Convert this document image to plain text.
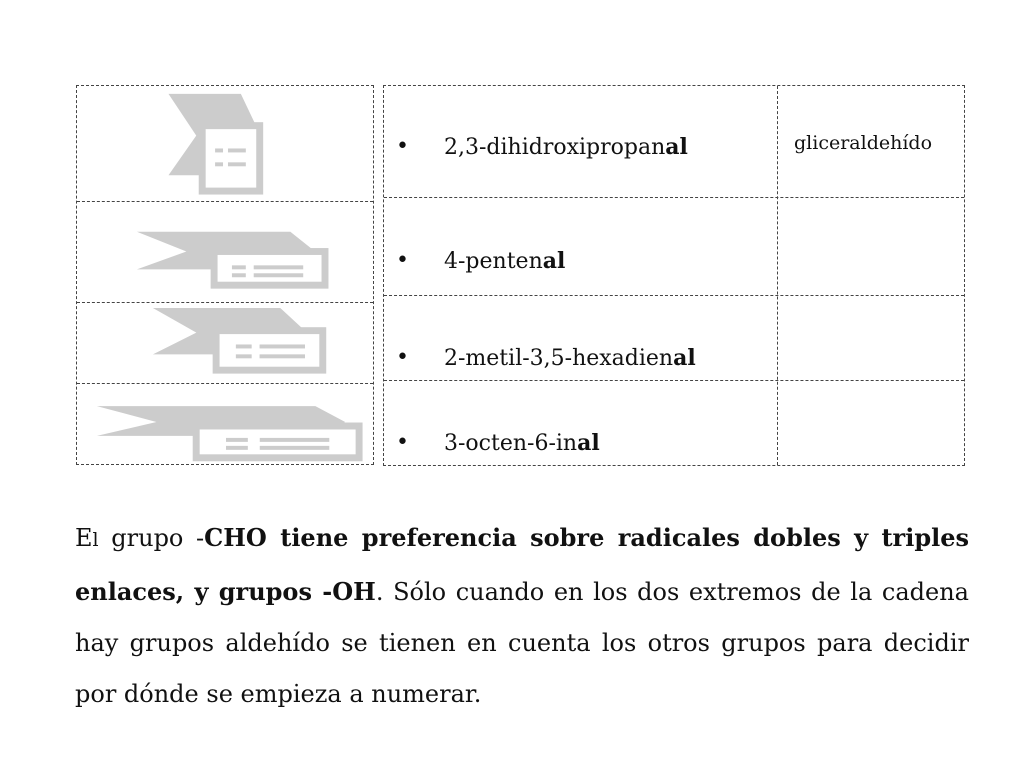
• 2,3-dihidroxipropanal	gliceraldehído
• 4-pentenal
• 2-metil-3,5-hexadienal
• 3-octen-6-inal

El grupo -CHO tiene preferencia sobre radicales dobles y triples enlaces, y grupos -OH. Sólo cuando en los dos extremos de la cadena hay grupos aldehído se tienen en cuenta los otros grupos para decidir por dónde se empieza a numerar.
